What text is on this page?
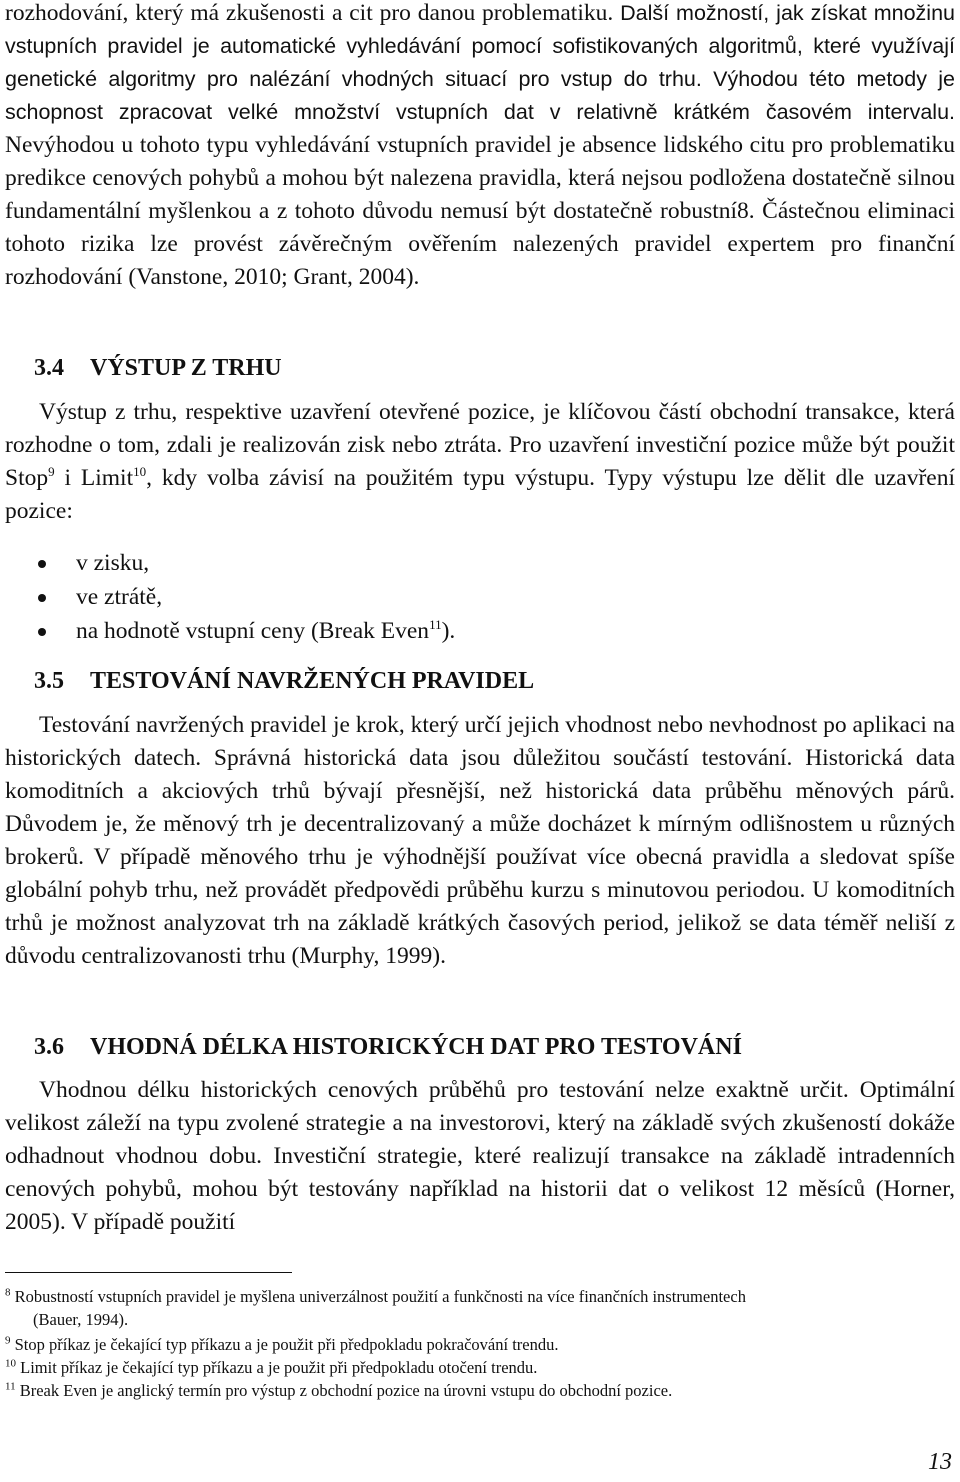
rozhodování, který má zkušenosti a cit pro danou problematiku. Další možností, jak získat množinu vstupních pravidel je automatické vyhledávání pomocí sofistikovaných algoritmů, které využívají genetické algoritmy pro nalézání vhodných situací pro vstup do trhu. Výhodou této metody je schopnost zpracovat velké množství vstupních dat v relativně krátkém časovém intervalu. Nevýhodou u tohoto typu vyhledávání vstupních pravidel je absence lidského citu pro problematiku predikce cenových pohybů a mohou být nalezena pravidla, která nejsou podložena dostatečně silnou fundamentální myšlenkou a z tohoto důvodu nemusí být dostatečně robustní8. Částečnou eliminaci tohoto rizika lze provést závěrečným ověřením nalezených pravidel expertem pro finanční rozhodování (Vanstone, 2010; Grant, 2004).

3.4 VÝSTUP Z TRHU

Výstup z trhu, respektive uzavření otevřené pozice, je klíčovou částí obchodní transakce, která rozhodne o tom, zdali je realizován zisk nebo ztráta. Pro uzavření investiční pozice může být použit Stop$^9$ i Limit$^{10}$, kdy volba závisí na použitém typu výstupu. Typy výstupu lze dělit dle uzavření pozice:

v zisku,
ve ztrátě,
na hodnotě vstupní ceny (Break Even$^{11}$).
3.5 TESTOVÁNÍ NAVRŽENÝCH PRAVIDEL

Testování navržených pravidel je krok, který určí jejich vhodnost nebo nevhodnost po aplikaci na historických datech. Správná historická data jsou důležitou součástí testování. Historická data komoditních a akciových trhů bývají přesnější, než historická data průběhu měnových párů. Důvodem je, že měnový trh je decentralizovaný a může docházet k mírným odlišnostem u různých brokerů. V případě měnového trhu je výhodnější používat více obecná pravidla a sledovat spíše globální pohyb trhu, než provádět předpovědi průběhu kurzu s minutovou periodou. U komoditních trhů je možnost analyzovat trh na základě krátkých časových period, jelikož se data téměř neliší z důvodu centralizovanosti trhu (Murphy, 1999).

3.6 VHODNÁ DÉLKA HISTORICKÝCH DAT PRO TESTOVÁNÍ

Vhodnou délku historických cenových průběhů pro testování nelze exaktně určit. Optimální velikost záleží na typu zvolené strategie a na investorovi, který na základě svých zkušeností dokáže odhadnout vhodnou dobu. Investiční strategie, které realizují transakce na základě intradenních cenových pohybů, mohou být testovány například na historii dat o velikost 12 měsíců (Horner, 2005). V případě použití

$^8$ Robustností vstupních pravidel je myšlena univerzálnost použití a funkčnosti na více finančních instrumentech
(Bauer, 1994).

$^9$ Stop příkaz je čekající typ příkazu a je použit při předpokladu pokračování trendu.

$^{10}$ Limit příkaz je čekající typ příkazu a je použit při předpokladu otočení trendu.

$^{11}$ Break Even je anglický termín pro výstup z obchodní pozice na úrovni vstupu do obchodní pozice.

13
